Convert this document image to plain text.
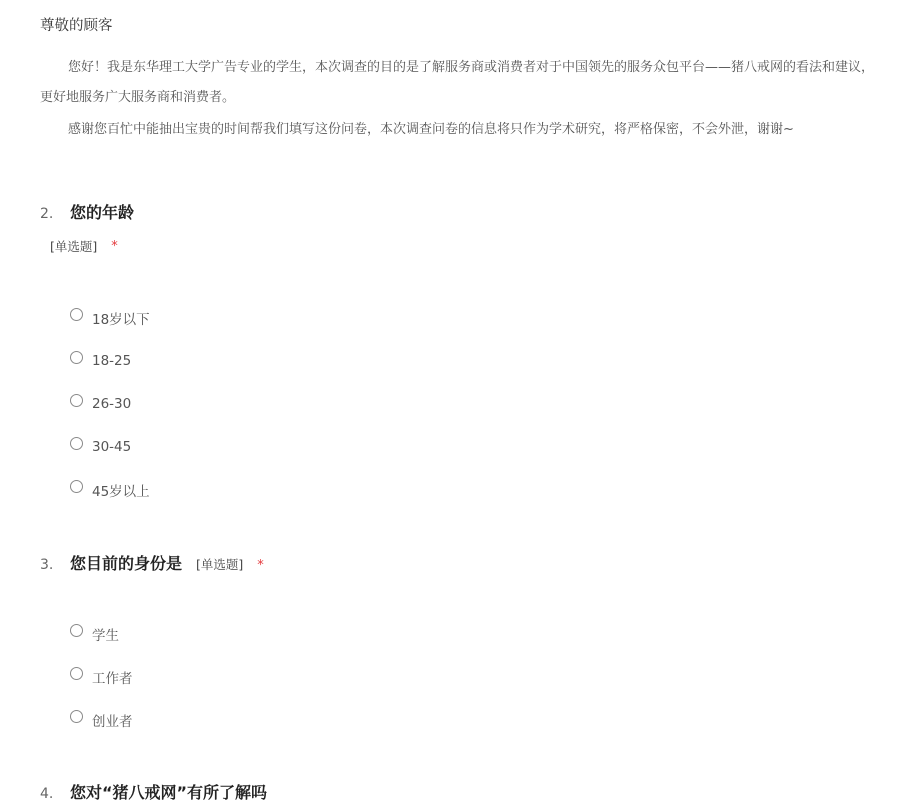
尊敬的顾客

您好！我是东华理工大学广告专业的学生，本次调查的目的是了解服务商或消费者对于中国领先的服务众包平台——猪八戒网的看法和建议，

更好地服务广大服务商和消费者。

感谢您百忙中能抽出宝贵的时间帮我们填写这份问卷，本次调查问卷的信息将只作为学术研究，将严格保密，不会外泄，谢谢~

2.	您的年龄
[单选题] *
18岁以下
18-25
26-30
30-45
45岁以上
3.	您目前的身份是 [单选题] *
学生
工作者
创业者
4.	您对“猪八戒网”有所了解吗
